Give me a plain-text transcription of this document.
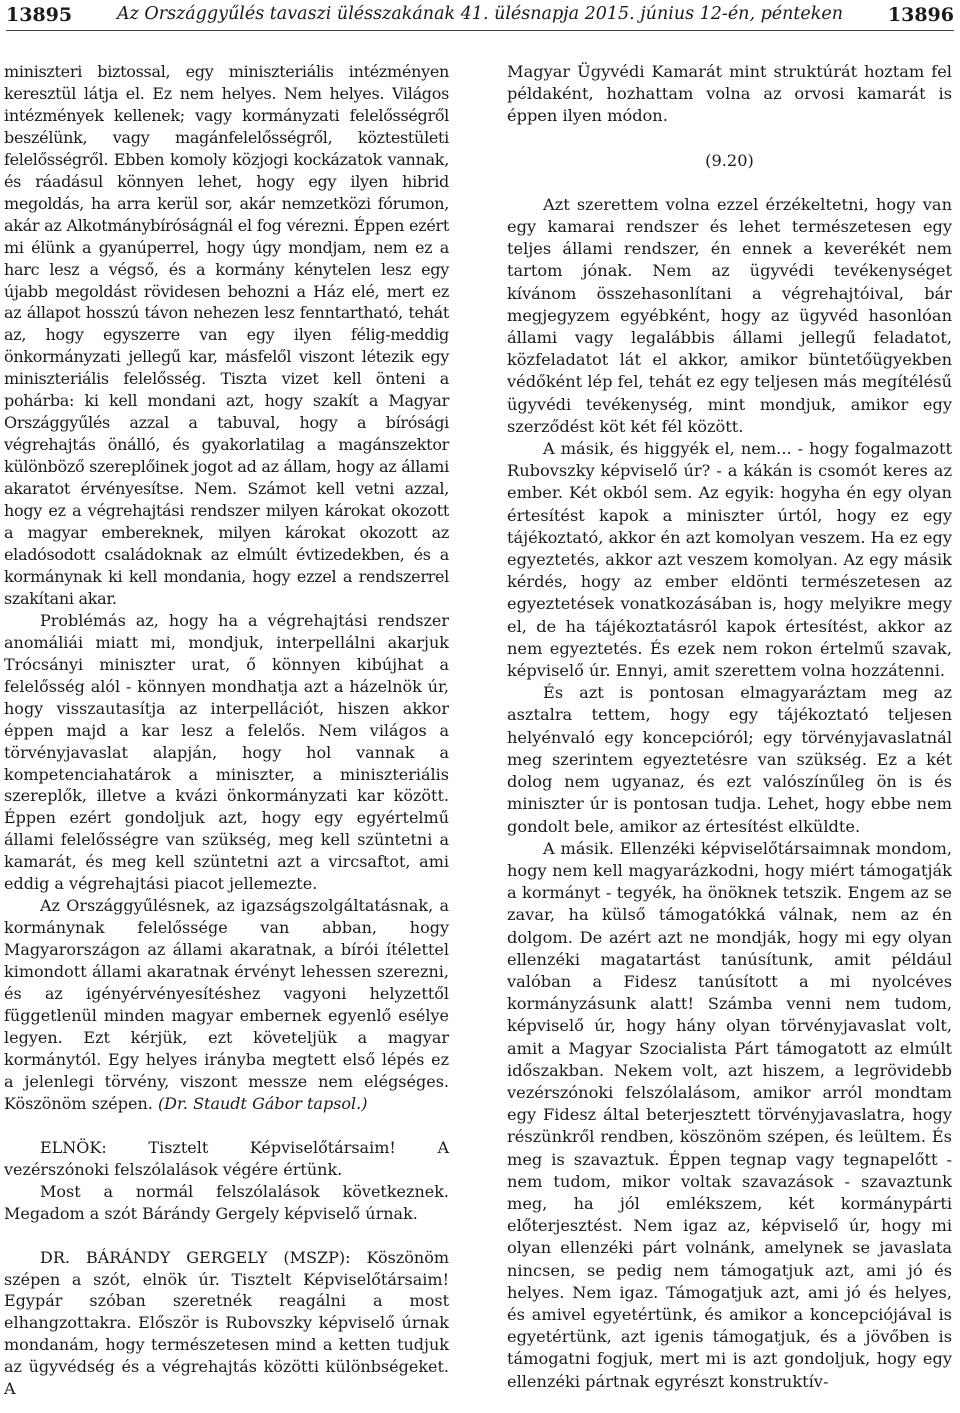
13895	Az Országgyűlés tavaszi ülésszakának 41. ülésnapja 2015. június 12-én, pénteken	13896

miniszteri biztossal, egy miniszteriális intézményen keresztül látja el. Ez nem helyes. Nem helyes. Világos intézmények kellenek; vagy kormányzati felelősségről beszélünk, vagy magánfelelősségről, köztestületi felelősségről. Ebben komoly közjogi kockázatok vannak, és ráadásul könnyen lehet, hogy egy ilyen hibrid megoldás, ha arra kerül sor, akár nemzetközi fórumon, akár az Alkotmánybíróságnál el fog vérezni. Éppen ezért mi élünk a gyanúperrel, hogy úgy mondjam, nem ez a harc lesz a végső, és a kormány kénytelen lesz egy újabb megoldást rövidesen behozni a Ház elé, mert ez az állapot hosszú távon nehezen lesz fenntartható, tehát az, hogy egyszerre van egy ilyen félig-meddig önkormányzati jellegű kar, másfelől viszont létezik egy miniszteriális felelősség. Tiszta vizet kell önteni a pohárba: ki kell mondani azt, hogy szakít a Magyar Országgyűlés azzal a tabuval, hogy a bírósági végrehajtás önálló, és gyakorlatilag a magánszektor különböző szereplőinek jogot ad az állam, hogy az állami akaratot érvényesítse. Nem. Számot kell vetni azzal, hogy ez a végrehajtási rendszer milyen károkat okozott a magyar embereknek, milyen károkat okozott az eladósodott családoknak az elmúlt évtizedekben, és a kormánynak ki kell mondania, hogy ezzel a rendszerrel szakítani akar.

Problémás az, hogy ha a végrehajtási rendszer anomáliái miatt mi, mondjuk, interpellálni akarjuk Trócsányi miniszter urat, ő könnyen kibújhat a felelősség alól - könnyen mondhatja azt a házelnök úr, hogy visszautasítja az interpellációt, hiszen akkor éppen majd a kar lesz a felelős. Nem világos a törvényjavaslat alapján, hogy hol vannak a kompetenciahatárok a miniszter, a miniszteriális szereplők, illetve a kvázi önkormányzati kar között. Éppen ezért gondoljuk azt, hogy egy egyértelmű állami felelősségre van szükség, meg kell szüntetni a kamarát, és meg kell szüntetni azt a vircsaftot, ami eddig a végrehajtási piacot jellemezte.

Az Országgyűlésnek, az igazságszolgáltatásnak, a kormánynak felelőssége van abban, hogy Magyarországon az állami akaratnak, a bírói ítélettel kimondott állami akaratnak érvényt lehessen szerezni, és az igényérvényesítéshez vagyoni helyzettől függetlenül minden magyar embernek egyenlő esélye legyen. Ezt kérjük, ezt követeljük a magyar kormánytól. Egy helyes irányba megtett első lépés ez a jelenlegi törvény, viszont messze nem elégséges. Köszönöm szépen. (Dr. Staudt Gábor tapsol.)

ELNÖK: Tisztelt Képviselőtársaim! A vezérszónoki felszólalások végére értünk.

Most a normál felszólalások következnek. Megadom a szót Bárándy Gergely képviselő úrnak.

DR. BÁRÁNDY GERGELY (MSZP): Köszönöm szépen a szót, elnök úr. Tisztelt Képviselőtársaim! Egypár szóban szeretnék reagálni a most elhangzottakra. Először is Rubovszky képviselő úrnak mondanám, hogy természetesen mind a ketten tudjuk az ügyvédség és a végrehajtás közötti különbségeket. A

Magyar Ügyvédi Kamarát mint struktúrát hoztam fel példaként, hozhattam volna az orvosi kamarát is éppen ilyen módon.

(9.20)

Azt szerettem volna ezzel érzékeltetni, hogy van egy kamarai rendszer és lehet természetesen egy teljes állami rendszer, én ennek a keverékét nem tartom jónak. Nem az ügyvédi tevékenységet kívánom összehasonlítani a végrehajtóival, bár megjegyzem egyébként, hogy az ügyvéd hasonlóan állami vagy legalábbis állami jellegű feladatot, közfeladatot lát el akkor, amikor büntetőügyekben védőként lép fel, tehát ez egy teljesen más megítélésű ügyvédi tevékenység, mint mondjuk, amikor egy szerződést köt két fél között.

A másik, és higgyék el, nem... - hogy fogalmazott Rubovszky képviselő úr? - a kákán is csomót keres az ember. Két okból sem. Az egyik: hogyha én egy olyan értesítést kapok a miniszter úrtól, hogy ez egy tájékoztató, akkor én azt komolyan veszem. Ha ez egy egyeztetés, akkor azt veszem komolyan. Az egy másik kérdés, hogy az ember eldönti természetesen az egyeztetések vonatkozásában is, hogy melyikre megy el, de ha tájékoztatásról kapok értesítést, akkor az nem egyeztetés. És ezek nem rokon értelmű szavak, képviselő úr. Ennyi, amit szerettem volna hozzátenni.

És azt is pontosan elmagyaráztam meg az asztalra tettem, hogy egy tájékoztató teljesen helyénvaló egy koncepcióról; egy törvényjavaslatnál meg szerintem egyeztetésre van szükség. Ez a két dolog nem ugyanaz, és ezt valószínűleg ön is és miniszter úr is pontosan tudja. Lehet, hogy ebbe nem gondolt bele, amikor az értesítést elküldte.

A másik. Ellenzéki képviselőtársaimnak mondom, hogy nem kell magyarázkodni, hogy miért támogatják a kormányt - tegyék, ha önöknek tetszik. Engem az se zavar, ha külső támogatókká válnak, nem az én dolgom. De azért azt ne mondják, hogy mi egy olyan ellenzéki magatartást tanúsítunk, amit például valóban a Fidesz tanúsított a mi nyolcéves kormányzásunk alatt! Számba venni nem tudom, képviselő úr, hogy hány olyan törvényjavaslat volt, amit a Magyar Szocialista Párt támogatott az elmúlt időszakban. Nekem volt, azt hiszem, a legrövidebb vezérszónoki felszólalásom, amikor arról mondtam egy Fidesz által beterjesztett törvényjavaslatra, hogy részünkről rendben, köszönöm szépen, és leültem. És meg is szavaztuk. Éppen tegnap vagy tegnapelőtt - nem tudom, mikor voltak szavazások - szavaztunk meg, ha jól emlékszem, két kormánypárti előterjesztést. Nem igaz az, képviselő úr, hogy mi olyan ellenzéki párt volnánk, amelynek se javaslata nincsen, se pedig nem támogatjuk azt, ami jó és helyes. Nem igaz. Támogatjuk azt, ami jó és helyes, és amivel egyetértünk, és amikor a koncepciójával is egyetértünk, azt igenis támogatjuk, és a jövőben is támogatni fogjuk, mert mi is azt gondoljuk, hogy egy ellenzéki pártnak egyrészt konstruktív-
